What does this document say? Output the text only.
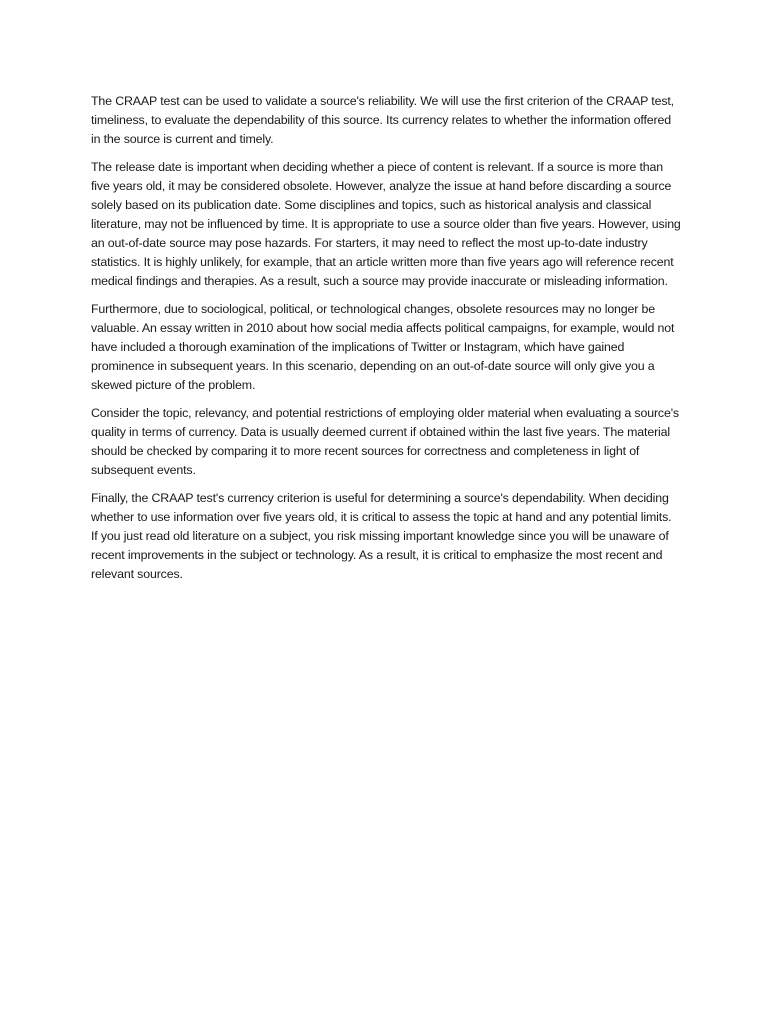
The CRAAP test can be used to validate a source's reliability. We will use the first criterion of the CRAAP test, timeliness, to evaluate the dependability of this source. Its currency relates to whether the information offered in the source is current and timely.

The release date is important when deciding whether a piece of content is relevant. If a source is more than five years old, it may be considered obsolete. However, analyze the issue at hand before discarding a source solely based on its publication date. Some disciplines and topics, such as historical analysis and classical literature, may not be influenced by time. It is appropriate to use a source older than five years. However, using an out-of-date source may pose hazards. For starters, it may need to reflect the most up-to-date industry statistics. It is highly unlikely, for example, that an article written more than five years ago will reference recent medical findings and therapies. As a result, such a source may provide inaccurate or misleading information.

Furthermore, due to sociological, political, or technological changes, obsolete resources may no longer be valuable. An essay written in 2010 about how social media affects political campaigns, for example, would not have included a thorough examination of the implications of Twitter or Instagram, which have gained prominence in subsequent years. In this scenario, depending on an out-of-date source will only give you a skewed picture of the problem.

Consider the topic, relevancy, and potential restrictions of employing older material when evaluating a source's quality in terms of currency. Data is usually deemed current if obtained within the last five years. The material should be checked by comparing it to more recent sources for correctness and completeness in light of subsequent events.

Finally, the CRAAP test's currency criterion is useful for determining a source's dependability. When deciding whether to use information over five years old, it is critical to assess the topic at hand and any potential limits. If you just read old literature on a subject, you risk missing important knowledge since you will be unaware of recent improvements in the subject or technology. As a result, it is critical to emphasize the most recent and relevant sources.
